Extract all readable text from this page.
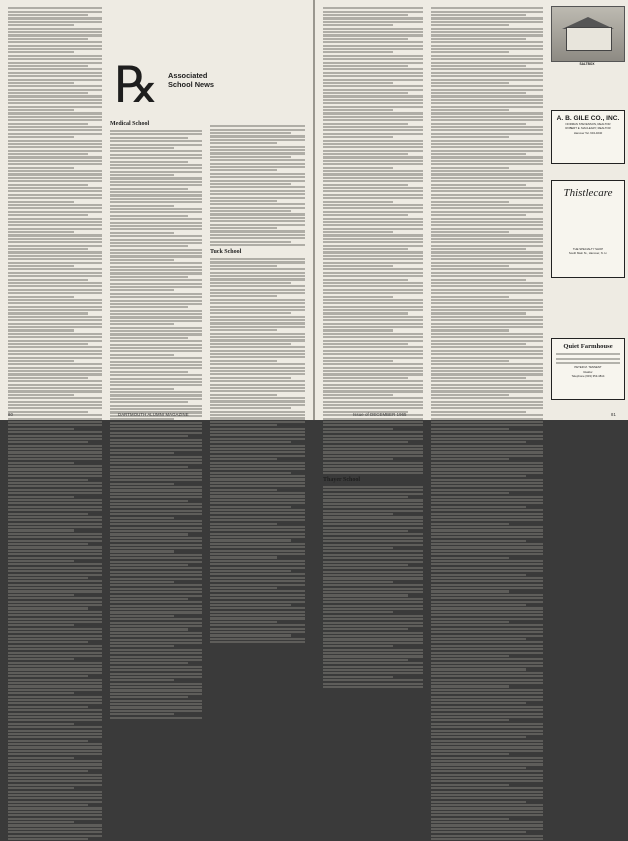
℞ Associated School News
Medical School
Tuck School
80	DARTMOUTH ALUMNI MAGAZINE
Thayer School
SALTBOX
A. B. GILE CO., INC.
NORMAN STEVENSON, REALTOR
ROBERT E. MACLEARY, REALTOR
Hanover Tel. 643-4040
Thistlecare
THE SPECIALTY SHOP
South Main St., Hanover, N. H.
Quiet Farmhouse
PETER M. TENNENT
Realtor
Telephone (603) 353-4814
Issue of DECEMBER 1965	81
